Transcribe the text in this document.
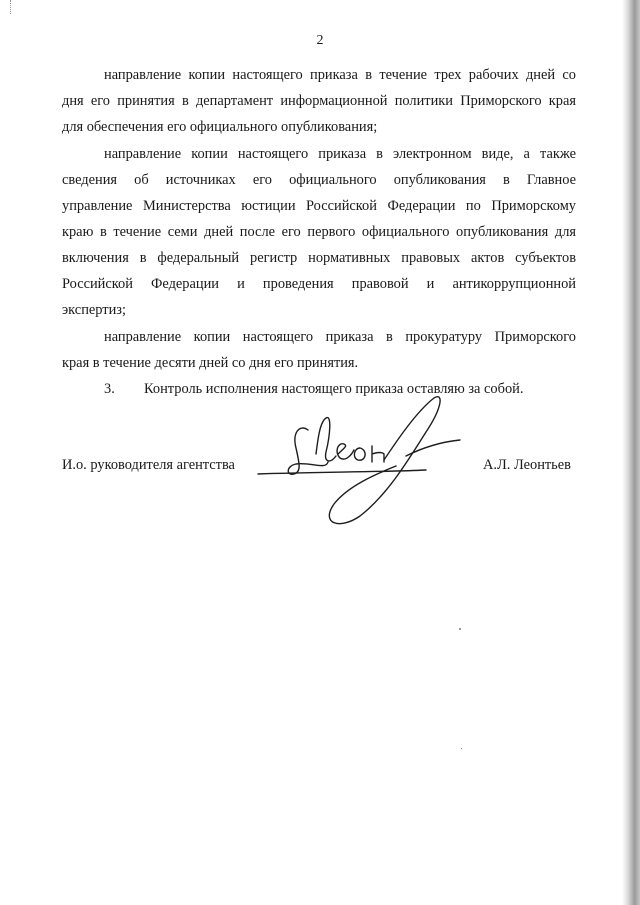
2
направление копии настоящего приказа в течение трех рабочих дней со
дня его принятия в департамент информационной политики Приморского края
для обеспечения его официального опубликования;
направление копии настоящего приказа в электронном виде, а также
сведения об источниках его официального опубликования в Главное
управление Министерства юстиции Российской Федерации по Приморскому
краю в течение семи дней после его первого официального опубликования для
включения в федеральный регистр нормативных правовых актов субъектов
Российской Федерации и проведения правовой и антикоррупционной
экспертиз;
направление копии настоящего приказа в прокуратуру Приморского
края в течение десяти дней со дня его принятия.
3. Контроль исполнения настоящего приказа оставляю за собой.
И.о. руководителя агентства	А.Л. Леонтьев
